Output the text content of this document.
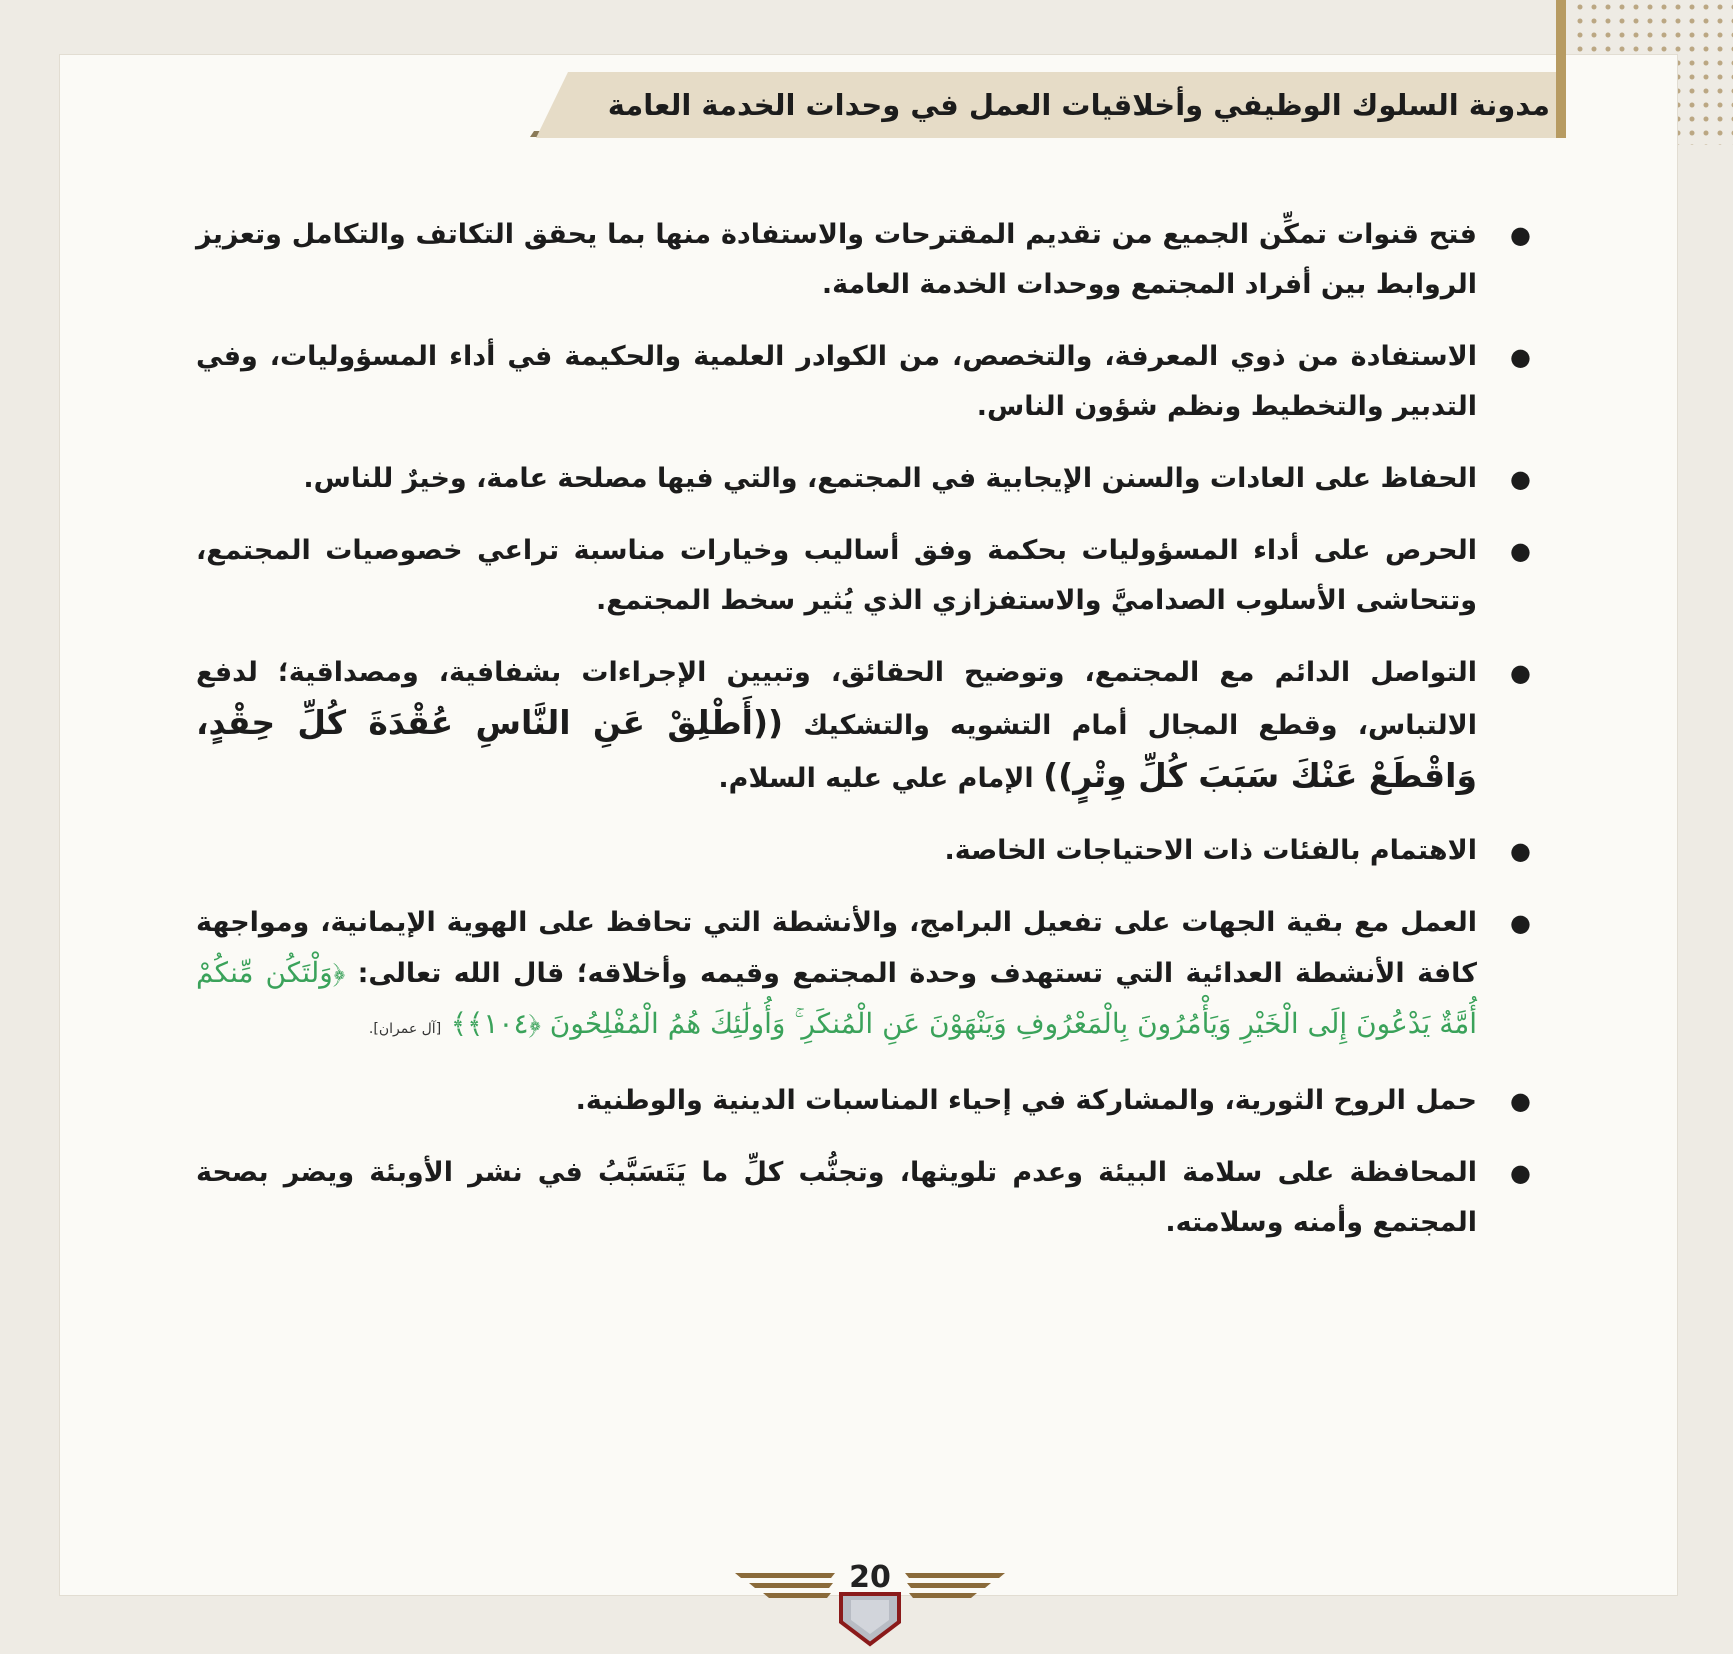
مدونة السلوك الوظيفي وأخلاقيات العمل في وحدات الخدمة العامة
●
فتح قنوات تمكِّن الجميع من تقديم المقترحات والاستفادة منها بما يحقق التكاتف والتكامل وتعزيز الروابط بين أفراد المجتمع ووحدات الخدمة العامة.
●
الاستفادة من ذوي المعرفة، والتخصص، من الكوادر العلمية والحكيمة في أداء المسؤوليات، وفي التدبير والتخطيط ونظم شؤون الناس.
●
الحفاظ على العادات والسنن الإيجابية في المجتمع، والتي فيها مصلحة عامة، وخيرٌ للناس.
●
الحرص على أداء المسؤوليات بحكمة وفق أساليب وخيارات مناسبة تراعي خصوصيات المجتمع، وتتحاشى الأسلوب الصداميَّ والاستفزازي الذي يُثير سخط المجتمع.
●
التواصل الدائم مع المجتمع، وتوضيح الحقائق، وتبيين الإجراءات بشفافية، ومصداقية؛ لدفع الالتباس، وقطع المجال أمام التشويه والتشكيك ((أَطْلِقْ عَنِ النَّاسِ عُقْدَةَ كُلِّ حِقْدٍ، وَاقْطَعْ عَنْكَ سَبَبَ كُلِّ وِتْرٍ)) الإمام علي عليه السلام.
●
الاهتمام بالفئات ذات الاحتياجات الخاصة.
●
العمل مع بقية الجهات على تفعيل البرامج، والأنشطة التي تحافظ على الهوية الإيمانية، ومواجهة كافة الأنشطة العدائية التي تستهدف وحدة المجتمع وقيمه وأخلاقه؛ قال الله تعالى: ﴿وَلْتَكُن مِّنكُمْ أُمَّةٌ يَدْعُونَ إِلَى الْخَيْرِ وَيَأْمُرُونَ بِالْمَعْرُوفِ وَيَنْهَوْنَ عَنِ الْمُنكَرِ ۚ وَأُولَٰئِكَ هُمُ الْمُفْلِحُونَ ﴿١٠٤﴾﴾ [آل عمران].
●
حمل الروح الثورية، والمشاركة في إحياء المناسبات الدينية والوطنية.
●
المحافظة على سلامة البيئة وعدم تلويثها، وتجنُّب كلِّ ما يَتَسَبَّبُ في نشر الأوبئة ويضر بصحة المجتمع وأمنه وسلامته.
20
